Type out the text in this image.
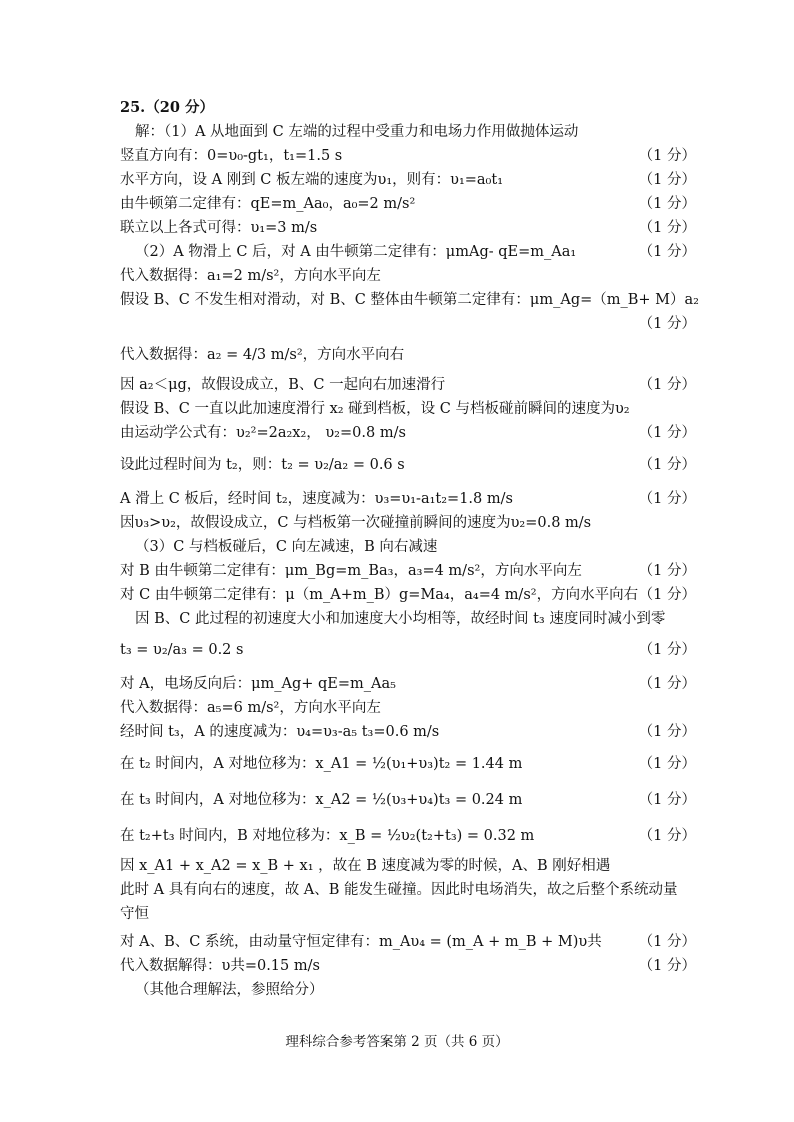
25.（20 分）
解：（1）A 从地面到 C 左端的过程中受重力和电场力作用做抛体运动
竖直方向有：0=υ₀-gt₁，t₁=1.5 s	（1 分）
水平方向，设 A 刚到 C 板左端的速度为υ₁，则有：υ₁=a₀t₁	（1 分）
由牛顿第二定律有：qE=m_Aa₀，a₀=2 m/s²	（1 分）
联立以上各式可得：υ₁=3 m/s	（1 分）
（2）A 物滑上 C 后，对 A 由牛顿第二定律有：μmAg- qE=m_Aa₁	（1 分）
代入数据得：a₁=2 m/s²，方向水平向左
假设 B、C 不发生相对滑动，对 B、C 整体由牛顿第二定律有：μm_Ag=（m_B+ M）a₂
（1 分）
代入数据得：a₂ = 4/3 m/s²，方向水平向右
因 a₂＜μg，故假设成立，B、C 一起向右加速滑行	（1 分）
假设 B、C 一直以此加速度滑行 x₂ 碰到档板，设 C 与档板碰前瞬间的速度为υ₂
由运动学公式有：υ₂²=2a₂x₂， υ₂=0.8 m/s	（1 分）
设此过程时间为 t₂，则：t₂ = υ₂/a₂ = 0.6 s	（1 分）
A 滑上 C 板后，经时间 t₂，速度减为：υ₃=υ₁-a₁t₂=1.8 m/s	（1 分）
因υ₃>υ₂，故假设成立，C 与档板第一次碰撞前瞬间的速度为υ₂=0.8 m/s
（3）C 与档板碰后，C 向左减速，B 向右减速
对 B 由牛顿第二定律有：μm_Bg=m_Ba₃，a₃=4 m/s²，方向水平向左	（1 分）
对 C 由牛顿第二定律有：μ（m_A+m_B）g=Ma₄，a₄=4 m/s²，方向水平向右 （1 分）
因 B、C 此过程的初速度大小和加速度大小均相等，故经时间 t₃ 速度同时减小到零
t₃ = υ₂/a₃ = 0.2 s	（1 分）
对 A，电场反向后：μm_Ag+ qE=m_Aa₅	（1 分）
代入数据得：a₅=6 m/s²，方向水平向左
经时间 t₃，A 的速度减为：υ₄=υ₃-a₅ t₃=0.6 m/s	（1 分）
在 t₂ 时间内，A 对地位移为：x_A1 = ½(υ₁+υ₃)t₂ = 1.44 m	（1 分）
在 t₃ 时间内，A 对地位移为：x_A2 = ½(υ₃+υ₄)t₃ = 0.24 m	（1 分）
在 t₂+t₃ 时间内，B 对地位移为：x_B = ½υ₂(t₂+t₃) = 0.32 m	（1 分）
因 x_A1 + x_A2 = x_B + x₁ ，故在 B 速度减为零的时候，A、B 刚好相遇
此时 A 具有向右的速度，故 A、B 能发生碰撞。因此时电场消失，故之后整个系统动量
守恒
对 A、B、C 系统，由动量守恒定律有：m_Aυ₄ = (m_A + m_B + M)υ共	（1 分）
代入数据解得：υ共=0.15 m/s	（1 分）
（其他合理解法，参照给分）
理科综合参考答案第 2 页（共 6 页）
